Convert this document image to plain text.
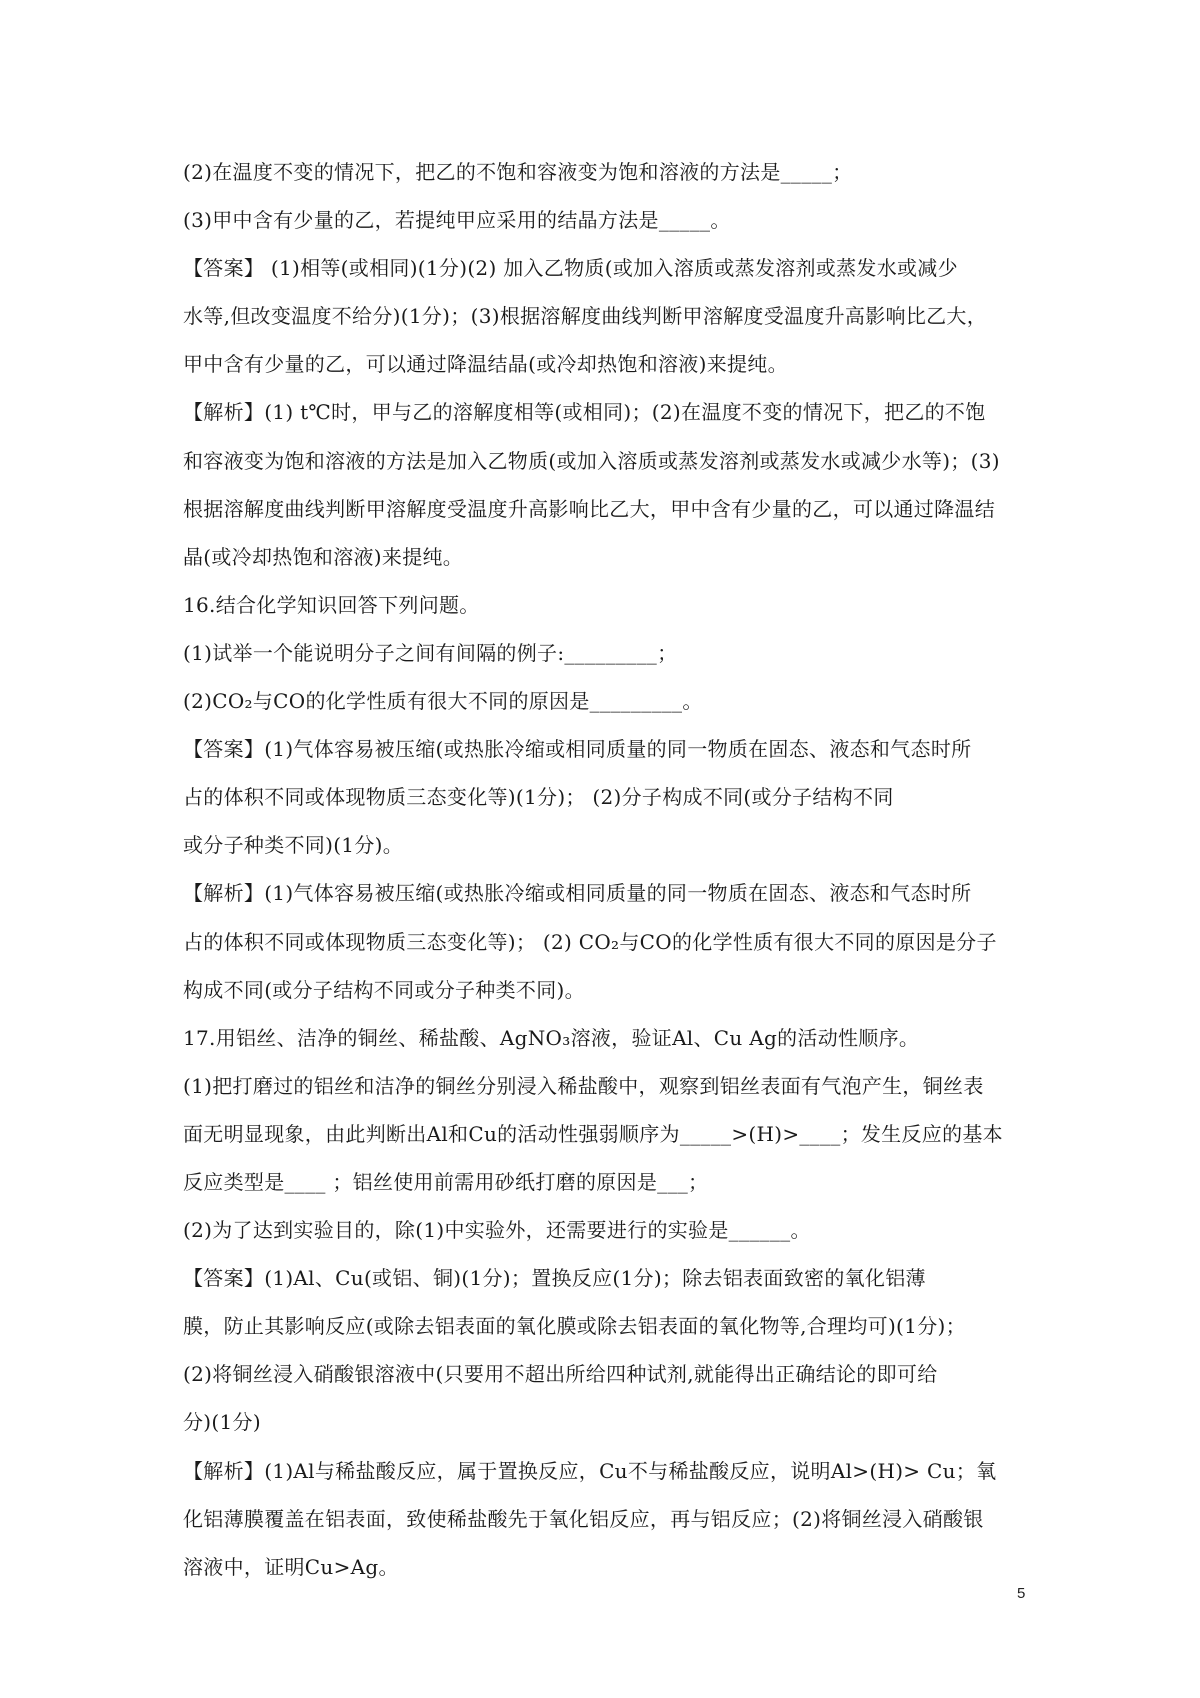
(2)在温度不变的情况下，把乙的不饱和容液变为饱和溶液的方法是_____；
(3)甲中含有少量的乙，若提纯甲应采用的结晶方法是_____。
【答案】 (1)相等(或相同)(1分)(2) 加入乙物质(或加入溶质或蒸发溶剂或蒸发水或减少
水等,但改变温度不给分)(1分)；(3)根据溶解度曲线判断甲溶解度受温度升高影响比乙大，
甲中含有少量的乙，可以通过降温结晶(或冷却热饱和溶液)来提纯。
【解析】(1) t℃时，甲与乙的溶解度相等(或相同)；(2)在温度不变的情况下，把乙的不饱
和容液变为饱和溶液的方法是加入乙物质(或加入溶质或蒸发溶剂或蒸发水或减少水等)；(3)
根据溶解度曲线判断甲溶解度受温度升高影响比乙大，甲中含有少量的乙，可以通过降温结
晶(或冷却热饱和溶液)来提纯。
16.结合化学知识回答下列问题。
(1)试举一个能说明分子之间有间隔的例子:_________；
(2)CO₂与CO的化学性质有很大不同的原因是_________。
【答案】(1)气体容易被压缩(或热胀冷缩或相同质量的同一物质在固态、液态和气态时所
占的体积不同或体现物质三态变化等)(1分)； (2)分子构成不同(或分子结构不同
或分子种类不同)(1分)。
【解析】(1)气体容易被压缩(或热胀冷缩或相同质量的同一物质在固态、液态和气态时所
占的体积不同或体现物质三态变化等)； (2) CO₂与CO的化学性质有很大不同的原因是分子
构成不同(或分子结构不同或分子种类不同)。
17.用铝丝、洁净的铜丝、稀盐酸、AgNO₃溶液，验证Al、Cu Ag的活动性顺序。
(1)把打磨过的铝丝和洁净的铜丝分别浸入稀盐酸中，观察到铝丝表面有气泡产生，铜丝表
面无明显现象，由此判断出Al和Cu的活动性强弱顺序为_____>(H)>____；发生反应的基本
反应类型是____ ；铝丝使用前需用砂纸打磨的原因是___；
(2)为了达到实验目的，除(1)中实验外，还需要进行的实验是______。
【答案】(1)Al、Cu(或铝、铜)(1分)；置换反应(1分)；除去铝表面致密的氧化铝薄
膜，防止其影响反应(或除去铝表面的氧化膜或除去铝表面的氧化物等,合理均可)(1分)；
(2)将铜丝浸入硝酸银溶液中(只要用不超出所给四种试剂,就能得出正确结论的即可给
分)(1分)
【解析】(1)Al与稀盐酸反应，属于置换反应，Cu不与稀盐酸反应，说明Al>(H)> Cu；氧
化铝薄膜覆盖在铝表面，致使稀盐酸先于氧化铝反应，再与铝反应；(2)将铜丝浸入硝酸银
溶液中，证明Cu>Ag。
5
